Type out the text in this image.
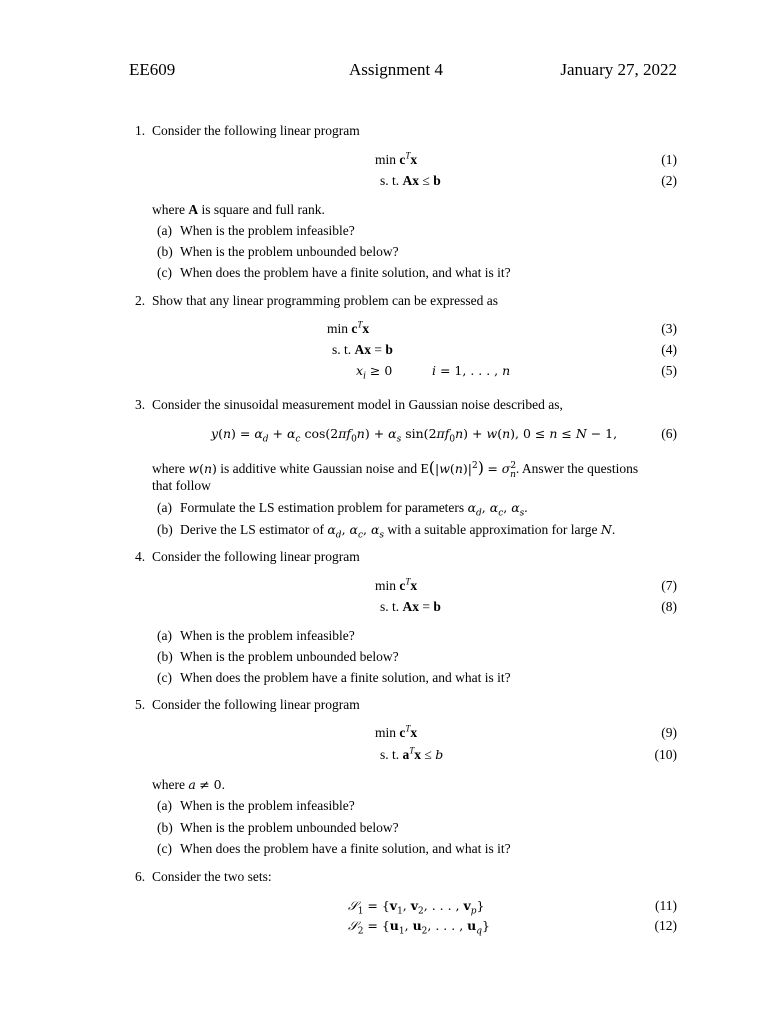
EE609	Assignment 4	January 27, 2022
1. Consider the following linear program
$\min c^Tx$	(1)
s. t. Ax ≤ b	(2)
where A is square and full rank.
(a) When is the problem infeasible?
(b) When is the problem unbounded below?
(c) When does the problem have a finite solution, and what is it?
2. Show that any linear programming problem can be expressed as
$\min c^Tx$	(3)
s. t. Ax = b	(4)
$x_i \ge 0$	i = 1, . . . , n	(5)
3. Consider the sinusoidal measurement model in Gaussian noise described as,
$y(n) = \alpha_d + \alpha_c$ $\cos(2\pi f_0n) + \alpha_s$ $\sin(2\pi f_0n) + w(n)$, 0 ≤ n ≤ N − 1,	(6)
where w(n) is additive white Gaussian noise and $E(|w(n)|^2) = \sigma^2_n$. Answer the questions
that follow
(a) Formulate the LS estimation problem for parameters $\alpha_d$, $\alpha_c$, $\alpha_s$.
(b) Derive the LS estimator of $\alpha_d$, $\alpha_c$, $\alpha_s$ with a suitable approximation for large N.
4. Consider the following linear program
$\min c^Tx$	(7)
s. t. Ax = b	(8)
(a) When is the problem infeasible?
(b) When is the problem unbounded below?
(c) When does the problem have a finite solution, and what is it?
5. Consider the following linear program
$\min c^Tx$	(9)
s. t. $a^Tx \le b$	(10)
where a ≠ 0.
(a) When is the problem infeasible?
(b) When is the problem unbounded below?
(c) When does the problem have a finite solution, and what is it?
6. Consider the two sets:
𝒮$_1$ = {$v_1$, $v_2$, . . . , $v_p$}	(11)
𝒮$_2$ = {$u_1$, $u_2$, . . . , $u_q$}	(12)
